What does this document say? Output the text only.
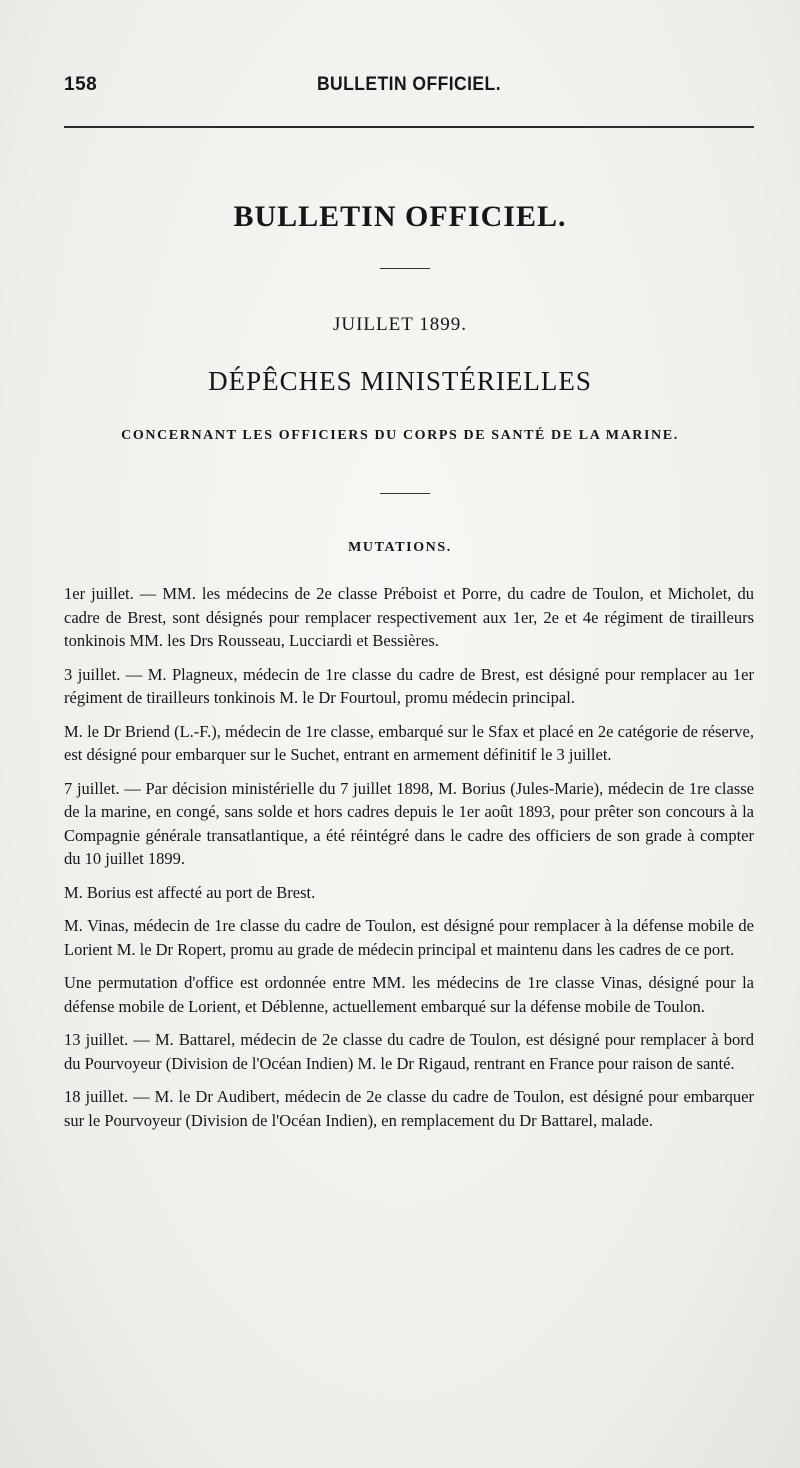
158	BULLETIN OFFICIEL.
BULLETIN OFFICIEL.
JUILLET 1899.
DÉPÊCHES MINISTÉRIELLES
CONCERNANT LES OFFICIERS DU CORPS DE SANTÉ DE LA MARINE.
MUTATIONS.

1er juillet. — MM. les médecins de 2e classe Préboist et Porre, du cadre de Toulon, et Micholet, du cadre de Brest, sont désignés pour remplacer respectivement aux 1er, 2e et 4e régiment de tirailleurs tonkinois MM. les Drs Rousseau, Lucciardi et Bessières.

3 juillet. — M. Plagneux, médecin de 1re classe du cadre de Brest, est désigné pour remplacer au 1er régiment de tirailleurs tonkinois M. le Dr Fourtoul, promu médecin principal.

M. le Dr Briend (L.-F.), médecin de 1re classe, embarqué sur le Sfax et placé en 2e catégorie de réserve, est désigné pour embarquer sur le Suchet, entrant en armement définitif le 3 juillet.

7 juillet. — Par décision ministérielle du 7 juillet 1898, M. Borius (Jules-Marie), médecin de 1re classe de la marine, en congé, sans solde et hors cadres depuis le 1er août 1893, pour prêter son concours à la Compagnie générale transatlantique, a été réintégré dans le cadre des officiers de son grade à compter du 10 juillet 1899.

M. Borius est affecté au port de Brest.

M. Vinas, médecin de 1re classe du cadre de Toulon, est désigné pour remplacer à la défense mobile de Lorient M. le Dr Ropert, promu au grade de médecin principal et maintenu dans les cadres de ce port.

Une permutation d'office est ordonnée entre MM. les médecins de 1re classe Vinas, désigné pour la défense mobile de Lorient, et Déblenne, actuellement embarqué sur la défense mobile de Toulon.

13 juillet. — M. Battarel, médecin de 2e classe du cadre de Toulon, est désigné pour remplacer à bord du Pourvoyeur (Division de l'Océan Indien) M. le Dr Rigaud, rentrant en France pour raison de santé.

18 juillet. — M. le Dr Audibert, médecin de 2e classe du cadre de Toulon, est désigné pour embarquer sur le Pourvoyeur (Division de l'Océan Indien), en remplacement du Dr Battarel, malade.
